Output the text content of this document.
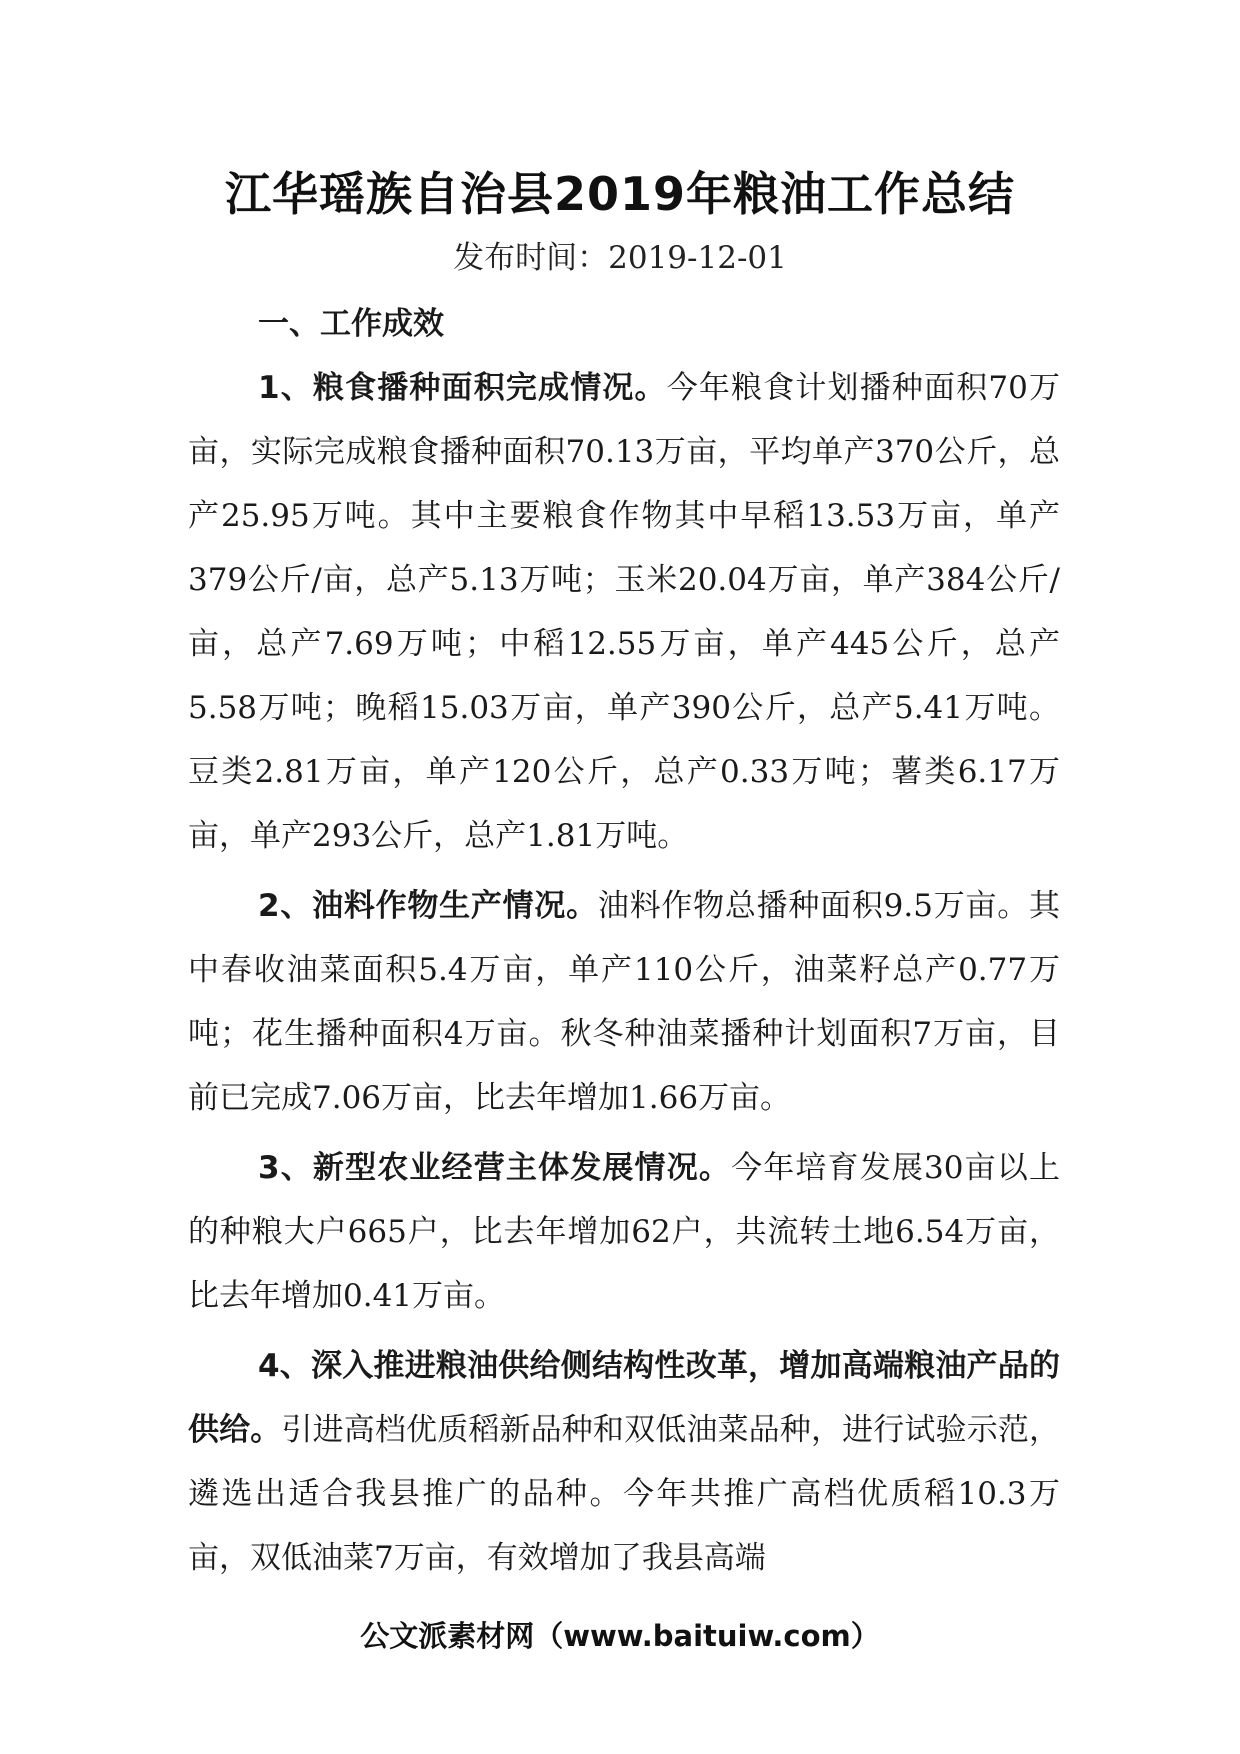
江华瑶族自治县2019年粮油工作总结
发布时间：2019-12-01

一、工作成效

1、粮食播种面积完成情况。今年粮食计划播种面积70万亩，实际完成粮食播种面积70.13万亩，平均单产370公斤，总产25.95万吨。其中主要粮食作物其中早稻13.53万亩，单产379公斤/亩，总产5.13万吨；玉米20.04万亩，单产384公斤/亩，总产7.69万吨；中稻12.55万亩，单产445公斤，总产5.58万吨；晚稻15.03万亩，单产390公斤，总产5.41万吨。豆类2.81万亩，单产120公斤，总产0.33万吨；薯类6.17万亩，单产293公斤，总产1.81万吨。

2、油料作物生产情况。油料作物总播种面积9.5万亩。其中春收油菜面积5.4万亩，单产110公斤，油菜籽总产0.77万吨；花生播种面积4万亩。秋冬种油菜播种计划面积7万亩，目前已完成7.06万亩，比去年增加1.66万亩。

3、新型农业经营主体发展情况。今年培育发展30亩以上的种粮大户665户，比去年增加62户，共流转土地6.54万亩，比去年增加0.41万亩。

4、深入推进粮油供给侧结构性改革，增加高端粮油产品的供给。引进高档优质稻新品种和双低油菜品种，进行试验示范，遴选出适合我县推广的品种。今年共推广高档优质稻10.3万亩，双低油菜7万亩，有效增加了我县高端

公文派素材网（www.baituiw.com）
